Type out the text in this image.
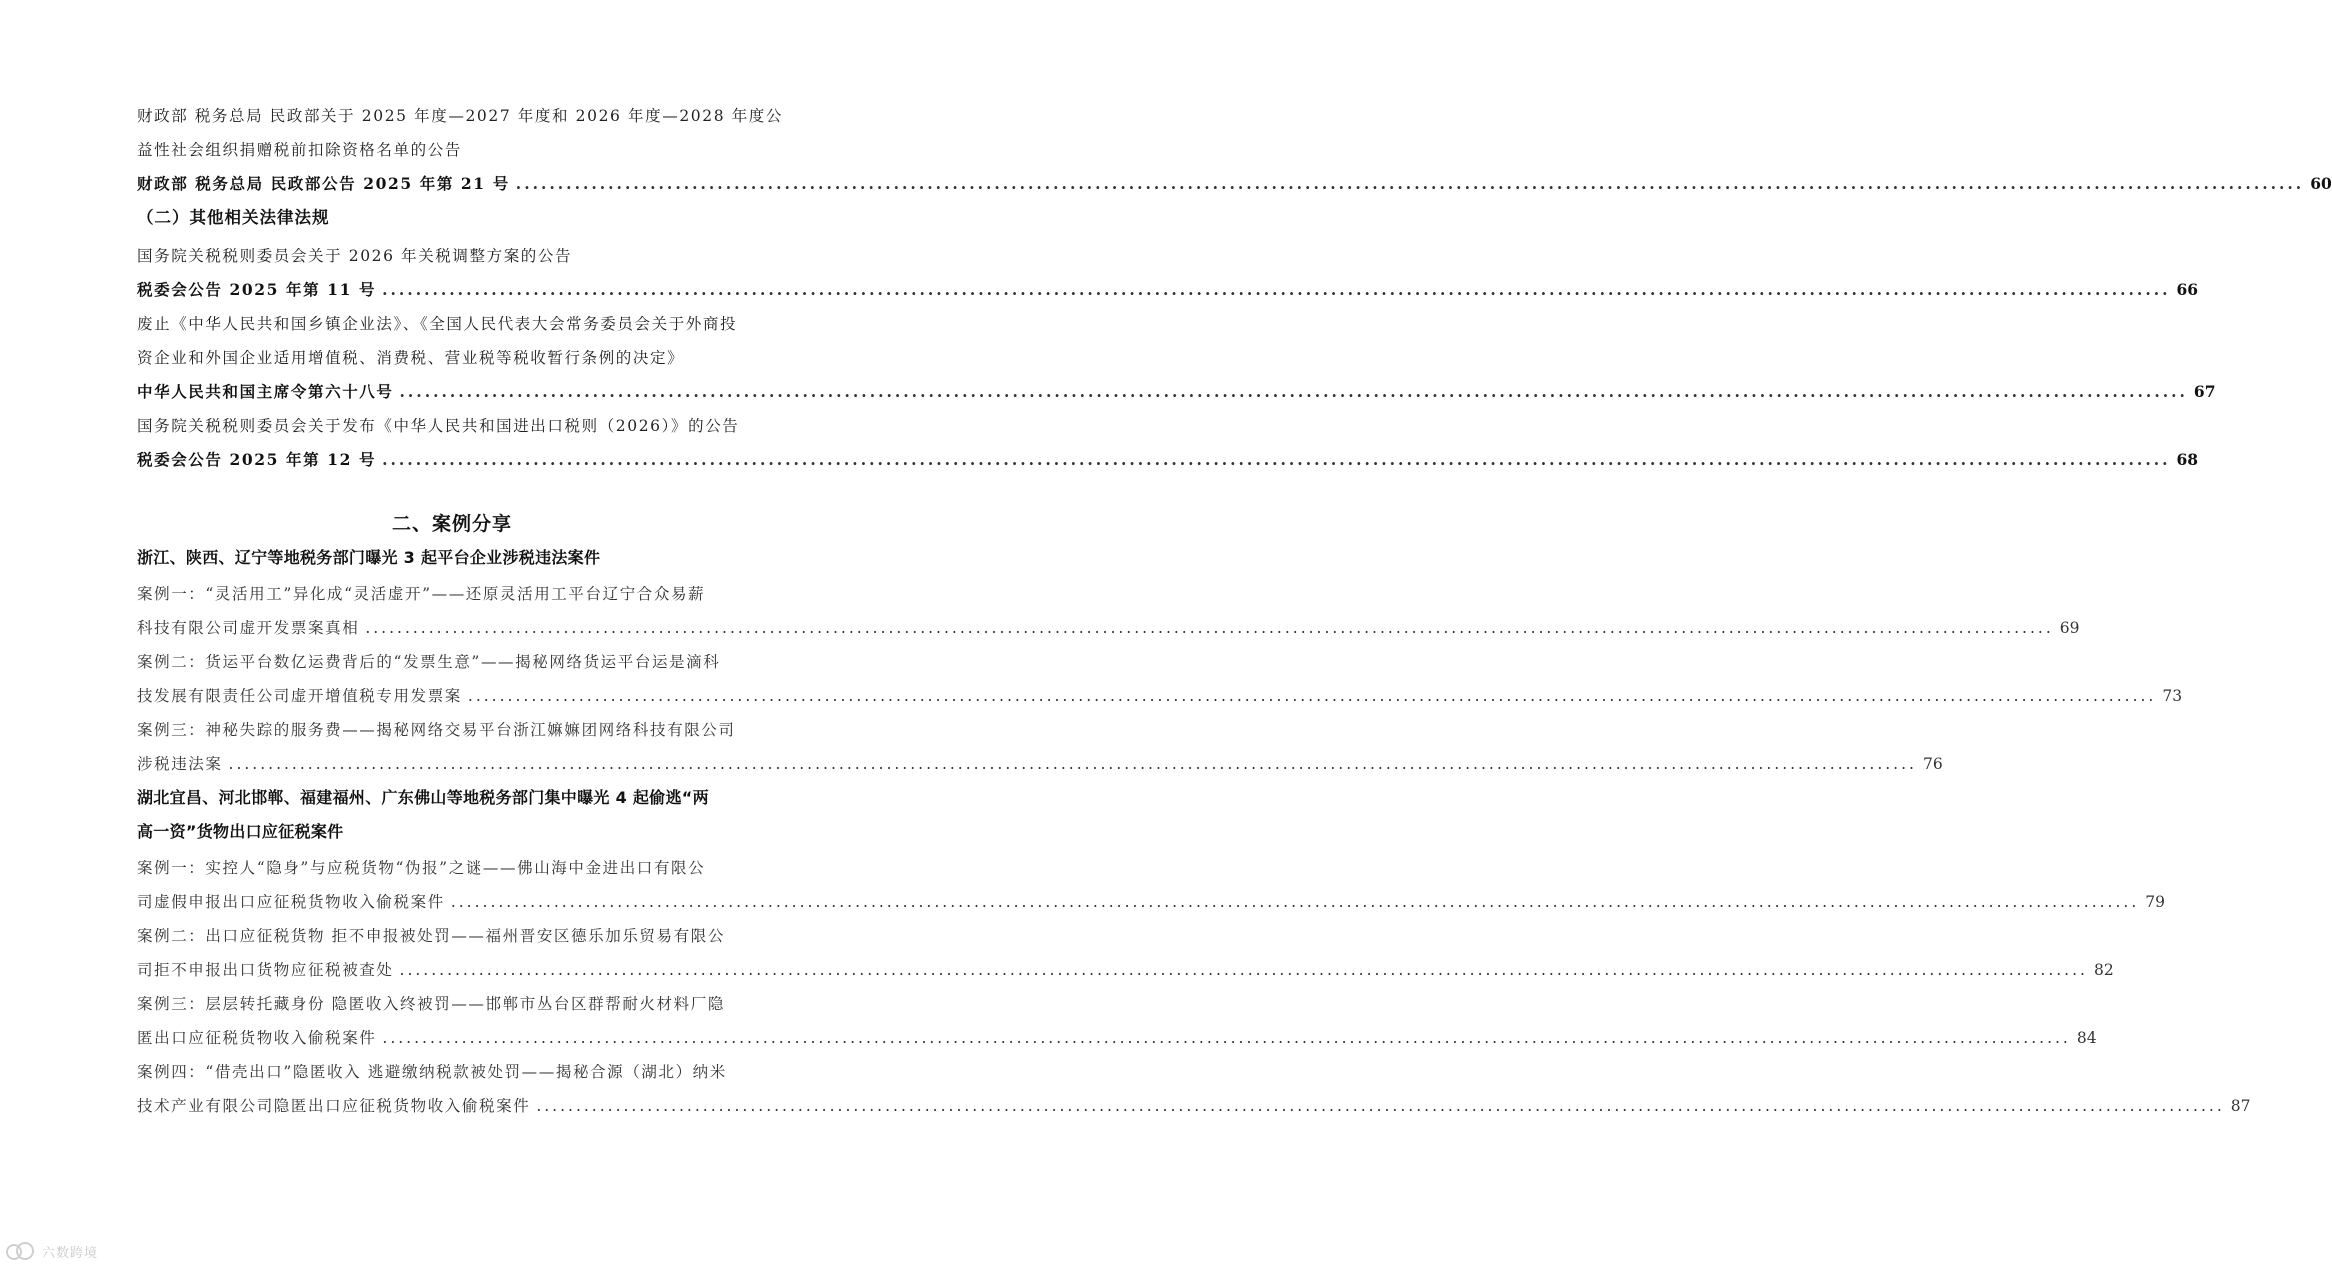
财政部 税务总局 民政部关于 2025 年度—2027 年度和 2026 年度—2028 年度公
益性社会组织捐赠税前扣除资格名单的公告
财政部 税务总局 民政部公告 2025 年第 21 号 ..................................................................................................................................................................................................................... 60
（二）其他相关法律法规
国务院关税税则委员会关于 2026 年关税调整方案的公告
税委会公告 2025 年第 11 号 ..................................................................................................................................................................................................................... 66
废止《中华人民共和国乡镇企业法》、《全国人民代表大会常务委员会关于外商投
资企业和外国企业适用增值税、消费税、营业税等税收暂行条例的决定》
中华人民共和国主席令第六十八号 ..................................................................................................................................................................................................................... 67
国务院关税税则委员会关于发布《中华人民共和国进出口税则（2026）》的公告
税委会公告 2025 年第 12 号 ..................................................................................................................................................................................................................... 68
二、案例分享
浙江、陕西、辽宁等地税务部门曝光 3 起平台企业涉税违法案件
案例一：“灵活用工”异化成“灵活虚开”——还原灵活用工平台辽宁合众易薪
科技有限公司虚开发票案真相 ..................................................................................................................................................................................................................... 69
案例二：货运平台数亿运费背后的“发票生意”——揭秘网络货运平台运是滴科
技发展有限责任公司虚开增值税专用发票案 ..................................................................................................................................................................................................................... 73
案例三：神秘失踪的服务费——揭秘网络交易平台浙江嫲嫲团网络科技有限公司
涉税违法案 ..................................................................................................................................................................................................................... 76
湖北宜昌、河北邯郸、福建福州、广东佛山等地税务部门集中曝光 4 起偷逃“两
高一资”货物出口应征税案件
案例一：实控人“隐身”与应税货物“伪报”之谜——佛山海中金进出口有限公
司虚假申报出口应征税货物收入偷税案件 ..................................................................................................................................................................................................................... 79
案例二：出口应征税货物 拒不申报被处罚——福州晋安区德乐加乐贸易有限公
司拒不申报出口货物应征税被查处 ..................................................................................................................................................................................................................... 82
案例三：层层转托藏身份 隐匿收入终被罚——邯郸市丛台区群帮耐火材料厂隐
匿出口应征税货物收入偷税案件 ..................................................................................................................................................................................................................... 84
案例四：“借壳出口”隐匿收入 逃避缴纳税款被处罚——揭秘合源（湖北）纳米
技术产业有限公司隐匿出口应征税货物收入偷税案件 ..................................................................................................................................................................................................................... 87
六数跨境
